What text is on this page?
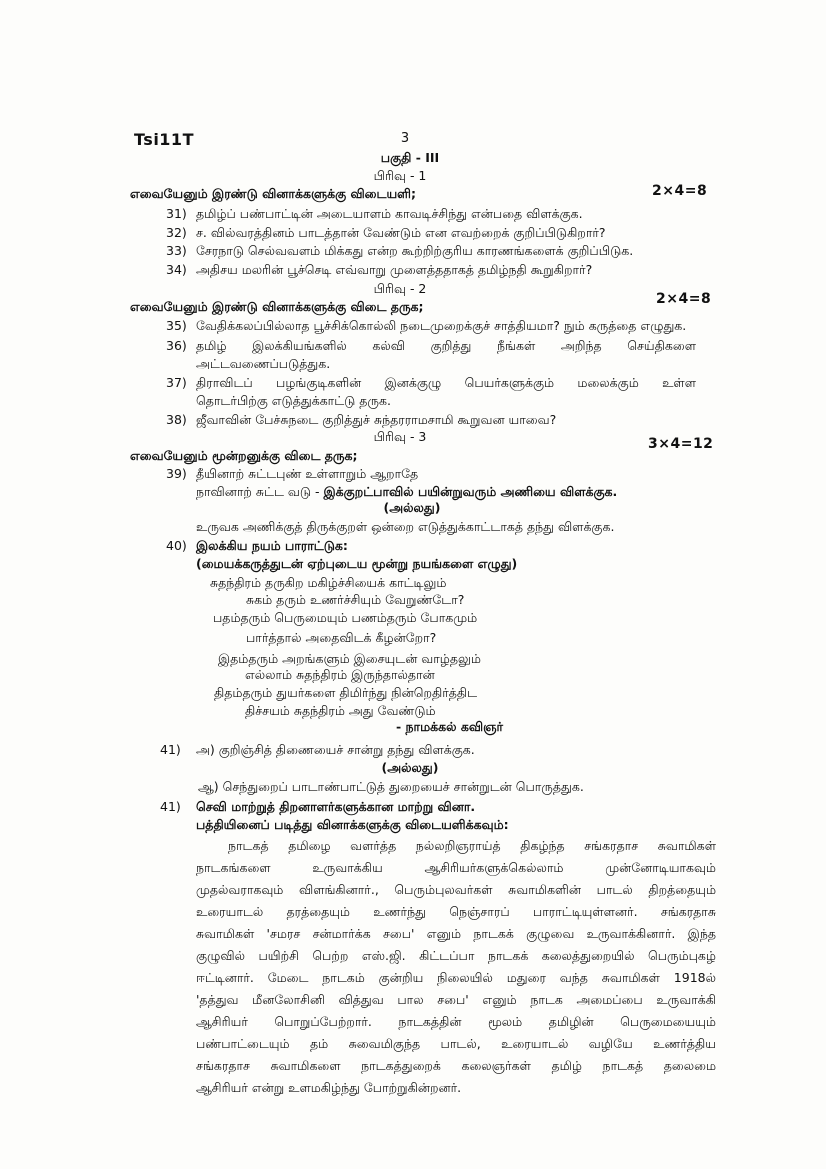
Tsi11T	3
பகுதி - III
பிரிவு - 1
எவையேனும் இரண்டு வினாக்களுக்கு விடையளி;	2×4=8
31) தமிழ்ப் பண்பாட்டின் அடையாளம் காவடிச்சிந்து என்பதை விளக்குக.
32) ச. வில்வரத்தினம் பாடத்தான் வேண்டும் என எவற்றைக் குறிப்பிடுகிறார்?
33) சேரநாடு செல்வவளம் மிக்கது என்ற கூற்றிற்குரிய காரணங்களைக் குறிப்பிடுக.
34) அதிசய மலரின் பூச்செடி எவ்வாறு முளைத்ததாகத் தமிழ்நதி கூறுகிறார்?
பிரிவு - 2
எவையேனும் இரண்டு வினாக்களுக்கு விடை தருக;	2×4=8
35) வேதிக்கலப்பில்லாத பூச்சிக்கொல்லி நடைமுறைக்குச் சாத்தியமா? நும் கருத்தை எழுதுக.
36) தமிழ் இலக்கியங்களில் கல்வி குறித்து நீங்கள் அறிந்த செய்திகளை
அட்டவணைப்படுத்துக.
37) திராவிடப் பழங்குடிகளின் இனக்குழு பெயர்களுக்கும் மலைக்கும் உள்ள
தொடர்பிற்கு எடுத்துக்காட்டு தருக.
38) ஜீவாவின் பேச்சுநடை குறித்துச் சுந்தரராமசாமி கூறுவன யாவை?
பிரிவு - 3
எவையேனும் மூன்றனுக்கு விடை தருக;
3×4=12
39) தீயினாற் சுட்டபுண் உள்ளாறும் ஆறாதே
நாவினாற் சுட்ட வடு - இக்குறட்பாவில் பயின்றுவரும் அணியை விளக்குக.
(அல்லது)
உருவக அணிக்குத் திருக்குறள் ஒன்றை எடுத்துக்காட்டாகத் தந்து விளக்குக.
40) இலக்கிய நயம் பாராட்டுக:
(மையக்கருத்துடன் ஏற்புடைய மூன்று நயங்களை எழுது)
சுதந்திரம் தருகிற மகிழ்ச்சியைக் காட்டிலும்
சுகம் தரும் உணர்ச்சியும் வேறுண்டோ?
பதம்தரும் பெருமையும் பணம்தரும் போகமும்
பார்த்தால் அதைவிடக் கீழன்றோ?
இதம்தரும் அறங்களும் இசையுடன் வாழ்தலும்
எல்லாம் சுதந்திரம் இருந்தால்தான்
திதம்தரும் துயர்களை திமிர்ந்து நின்றெதிர்த்திட
திச்சயம் சுதந்திரம் அது வேண்டும்
- நாமக்கல் கவிஞர்
41) அ) குறிஞ்சித் திணையைச் சான்று தந்து விளக்குக.
(அல்லது)
ஆ) செந்துறைப் பாடாண்பாட்டுத் துறையைச் சான்றுடன் பொருத்துக.
41) செவி மாற்றுத் திறனாளர்களுக்கான மாற்று வினா.
பத்தியினைப் படித்து வினாக்களுக்கு விடையளிக்கவும்:
நாடகத் தமிழை வளர்த்த நல்லறிஞராய்த் திகழ்ந்த சங்கரதாச சுவாமிகள்
நாடகங்களை உருவாக்கிய ஆசிரியர்களுக்கெல்லாம் முன்னோடியாகவும்
முதல்வராகவும் விளங்கினார்., பெரும்புலவர்கள் சுவாமிகளின் பாடல் திறத்தையும்
உரையாடல் தரத்தையும் உணர்ந்து நெஞ்சாரப் பாராட்டியுள்ளனர். சங்கரதாசு
சுவாமிகள் 'சமரச சன்மார்க்க சபை' எனும் நாடகக் குழுவை உருவாக்கினார். இந்த
குழுவில் பயிற்சி பெற்ற எஸ்.ஜி. கிட்டப்பா நாடகக் கலைத்துறையில் பெரும்புகழ்
ஈட்டினார். மேடை நாடகம் குன்றிய நிலையில் மதுரை வந்த சுவாமிகள் 1918ல்
'தத்துவ மீனலோசினி வித்துவ பால சபை' எனும் நாடக அமைப்பை உருவாக்கி
ஆசிரியர் பொறுப்பேற்றார். நாடகத்தின் மூலம் தமிழின் பெருமையையும்
பண்பாட்டையும் தம் சுவைமிகுந்த பாடல், உரையாடல் வழியே உணர்த்திய
சங்கரதாச சுவாமிகளை நாடகத்துறைக் கலைஞர்கள் தமிழ் நாடகத் தலைமை
ஆசிரியர் என்று உளமகிழ்ந்து போற்றுகின்றனர்.
